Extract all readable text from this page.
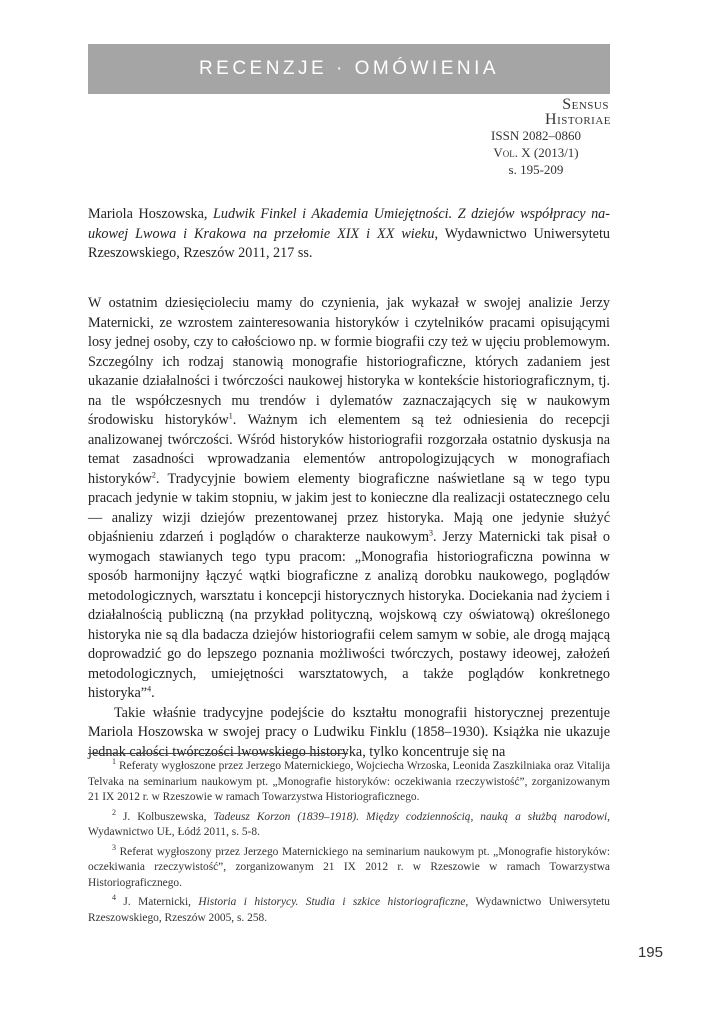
RECENZJE · OMÓWIENIA
Sensus
Historiae
ISSN 2082–0860
Vol. X (2013/1)
s. 195-209
Mariola Hoszowska, Ludwik Finkel i Akademia Umiejętności. Z dziejów współpracy naukowej Lwowa i Krakowa na przełomie XIX i XX wieku, Wydawnictwo Uniwersytetu Rzeszowskiego, Rzeszów 2011, 217 ss.

W ostatnim dziesięcioleciu mamy do czynienia, jak wykazał w swojej analizie Jerzy Maternicki, ze wzrostem zainteresowania historyków i czytelników pracami opisującymi losy jednej osoby, czy to całościowo np. w formie biografii czy też w ujęciu problemowym. Szczególny ich rodzaj stanowią monografie historiograficzne, których zadaniem jest ukazanie działalności i twórczości naukowej historyka w kontekście historiograficznym, tj. na tle współczesnych mu trendów i dylematów zaznaczających się w naukowym środowisku historyków$^1$. Ważnym ich elementem są też odniesienia do recepcji analizowanej twórczości. Wśród historyków historiografii rozgorzała ostatnio dyskusja na temat zasadności wprowadzania elementów antropologizujących w monografiach historyków$^2$. Tradycyjnie bowiem elementy biograficzne naświetlane są w tego typu pracach jedynie w takim stopniu, w jakim jest to konieczne dla realizacji ostatecznego celu — analizy wizji dziejów prezentowanej przez historyka. Mają one jedynie służyć objaśnieniu zdarzeń i poglądów o charakterze naukowym$^3$. Jerzy Maternicki tak pisał o wymogach stawianych tego typu pracom: „Monografia historiograficzna powinna w sposób harmonijny łączyć wątki biograficzne z analizą dorobku naukowego, poglądów metodologicznych, warsztatu i koncepcji historycznych historyka. Dociekania nad życiem i działalnością publiczną (na przykład polityczną, wojskową czy oświatową) określonego historyka nie są dla badacza dziejów historiografii celem samym w sobie, ale drogą mającą doprowadzić go do lepszego poznania możliwości twórczych, postawy ideowej, założeń metodologicznych, umiejętności warsztatowych, a także poglądów konkretnego historyka”$^4$.

Takie właśnie tradycyjne podejście do kształtu monografii historycznej prezentuje Mariola Hoszowska w swojej pracy o Ludwiku Finklu (1858–1930). Książka nie ukazuje jednak całości twórczości lwowskiego historyka, tylko koncentruje się na

$^1$ Referaty wygłoszone przez Jerzego Maternickiego, Wojciecha Wrzoska, Leonida Zaszkilniaka oraz Vitalija Telvaka na seminarium naukowym pt. „Monografie historyków: oczekiwania rzeczywistość”, zorganizowanym 21 IX 2012 r. w Rzeszowie w ramach Towarzystwa Historiograficznego.

$^2$ J. Kolbuszewska, Tadeusz Korzon (1839–1918). Między codziennością, nauką a służbą narodowi, Wydawnictwo UŁ, Łódź 2011, s. 5-8.

$^3$ Referat wygłoszony przez Jerzego Maternickiego na seminarium naukowym pt. „Monografie historyków: oczekiwania rzeczywistość”, zorganizowanym 21 IX 2012 r. w Rzeszowie w ramach Towarzystwa Historiograficznego.

$^4$ J. Maternicki, Historia i historycy. Studia i szkice historiograficzne, Wydawnictwo Uniwersytetu Rzeszowskiego, Rzeszów 2005, s. 258.

195
